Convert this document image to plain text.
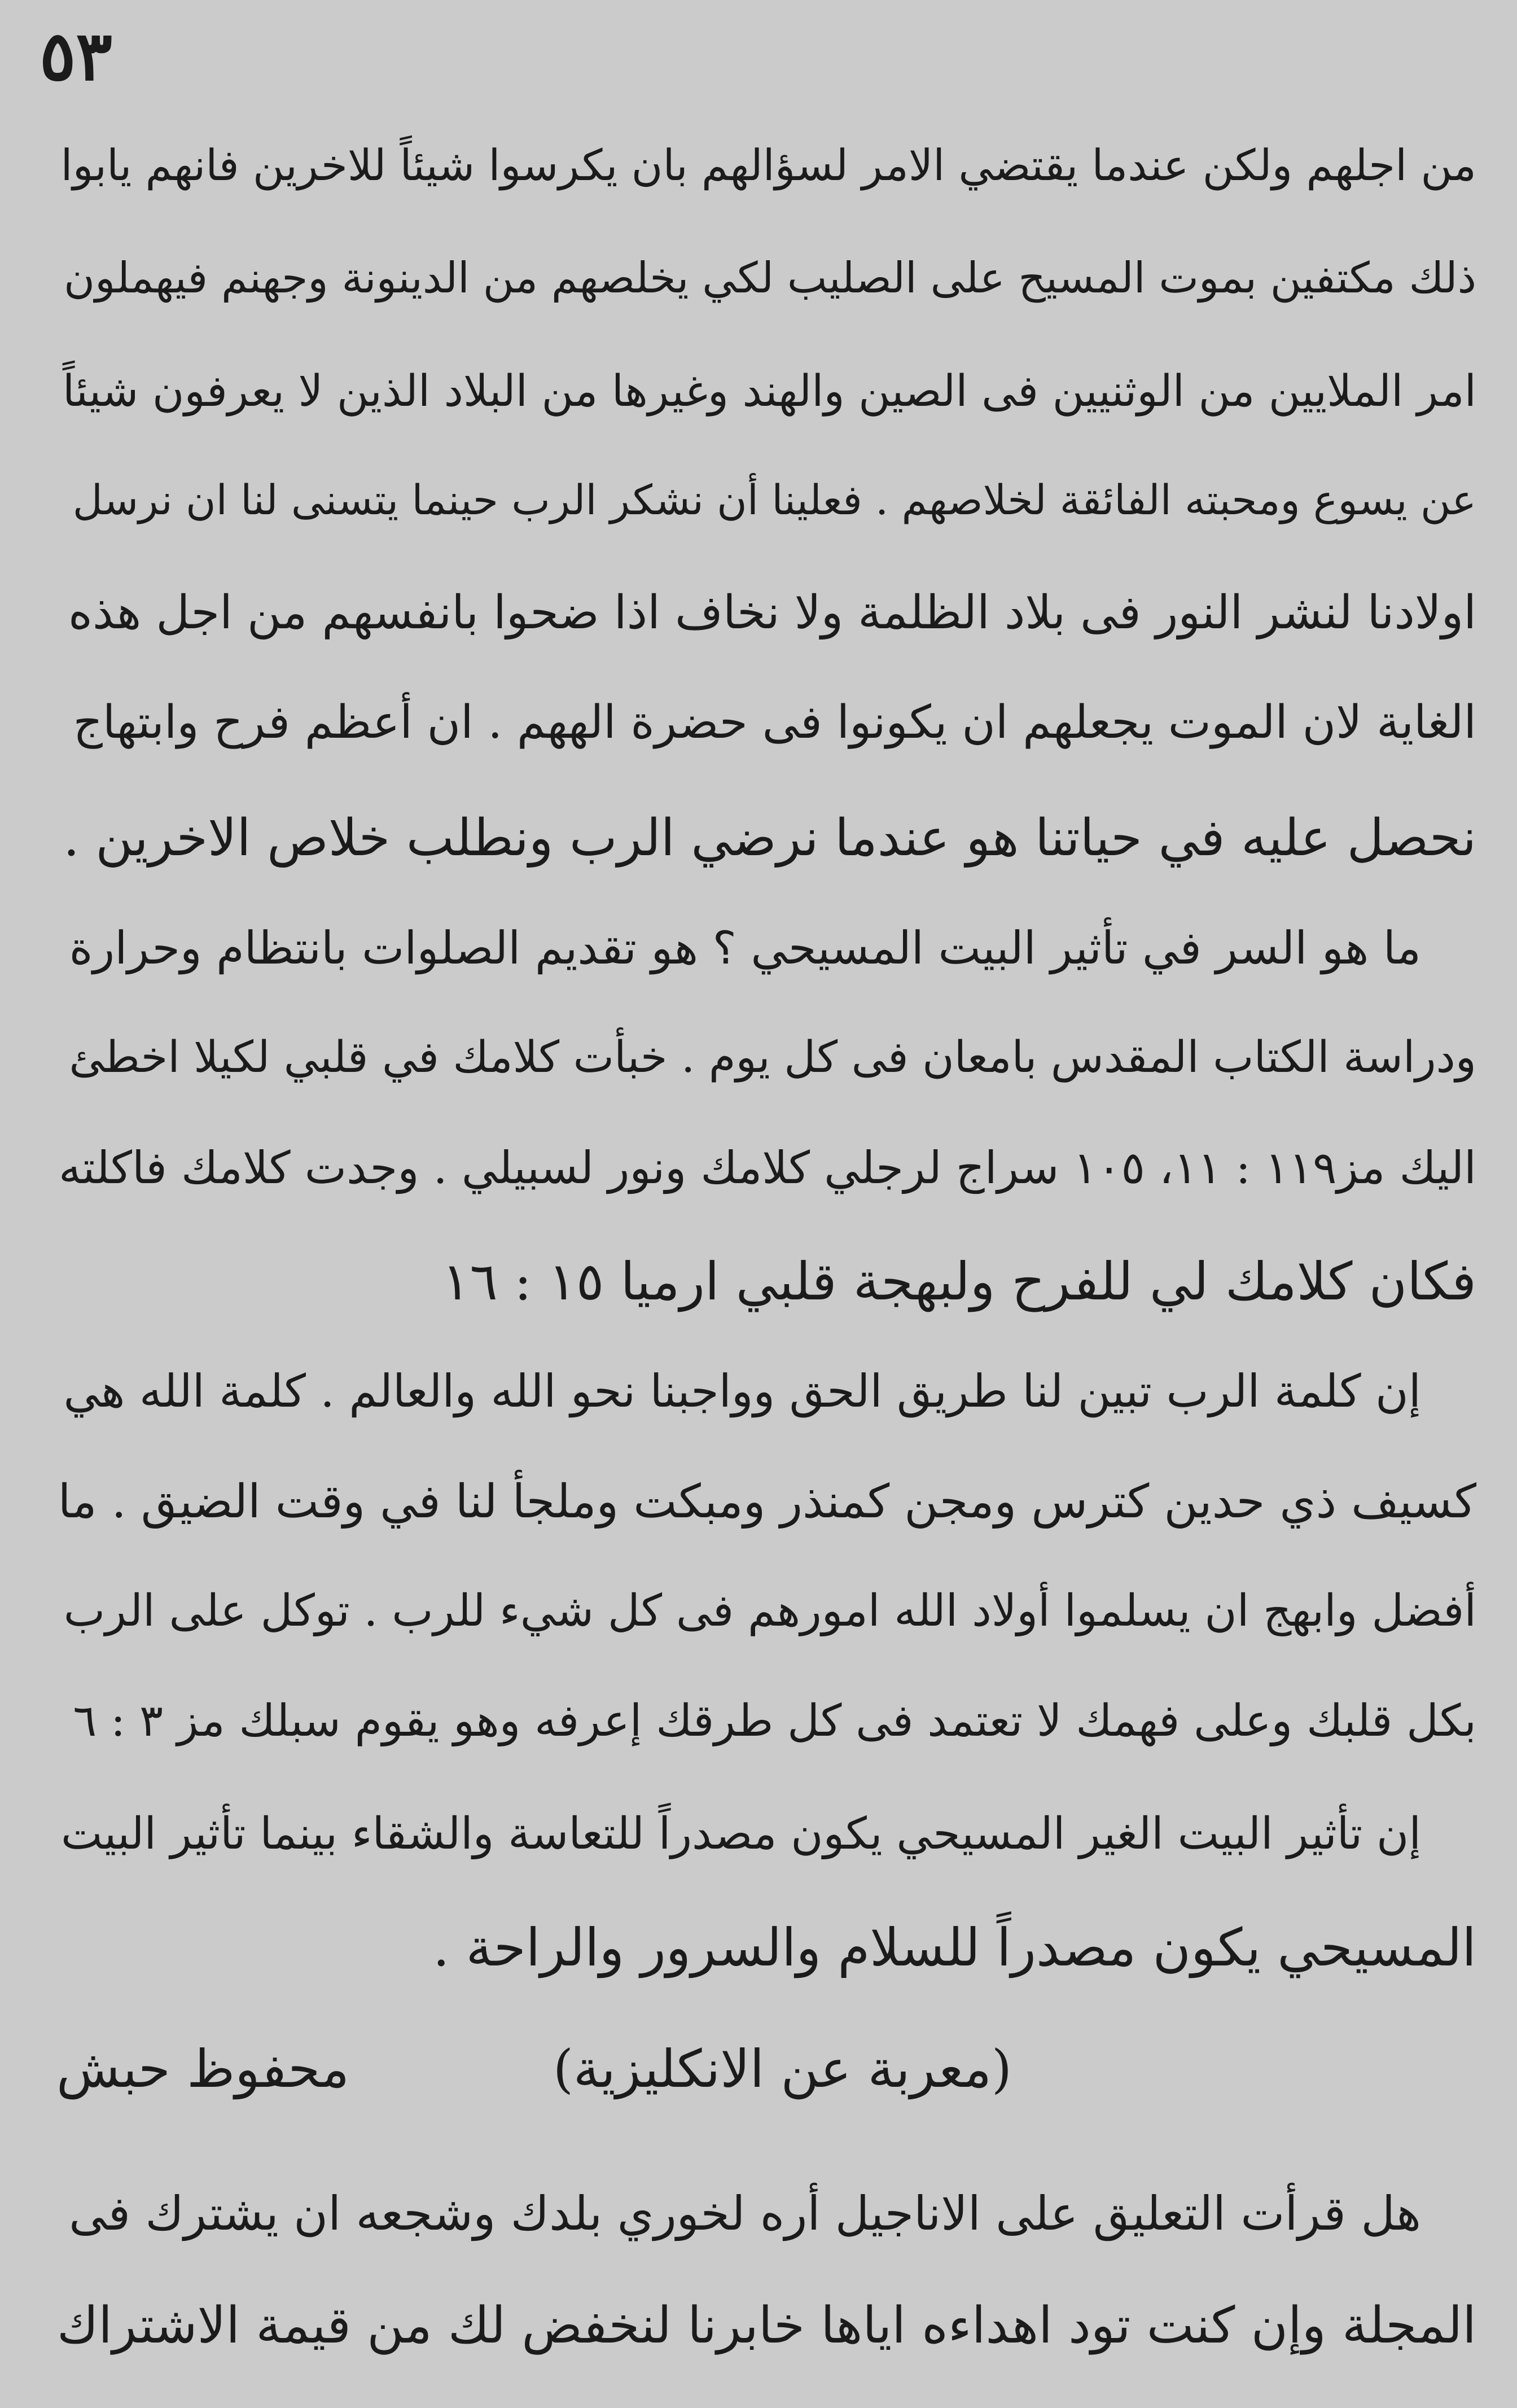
٥٣
من اجلهم ولكن عندما يقتضي الامر لسؤالهم بان يكرسوا شيئاً للاخرين فانهم يابوا
ذلك مكتفين بموت المسيح على الصليب لكي يخلصهم من الدينونة وجهنم فيهملون
امر الملايين من الوثنيين فى الصين والهند وغيرها من البلاد الذين لا يعرفون شيئاً
عن يسوع ومحبته الفائقة لخلاصهم . فعلينا أن نشكر الرب حينما يتسنى لنا ان نرسل
اولادنا لنشر النور فى بلاد الظلمة ولا نخاف اذا ضحوا بانفسهم من اجل هذه
الغاية لان الموت يجعلهم ان يكونوا فى حضرة الههم . ان أعظم فرح وابتهاج
نحصل عليه في حياتنا هو عندما نرضي الرب ونطلب خلاص الاخرين .
ما هو السر في تأثير البيت المسيحي ؟ هو تقديم الصلوات بانتظام وحرارة
ودراسة الكتاب المقدس بامعان فى كل يوم . خبأت كلامك في قلبي لكيلا اخطئ
اليك مز١١٩ : ١١، ١٠٥ سراج لرجلي كلامك ونور لسبيلي . وجدت كلامك فاكلته
فكان كلامك لي للفرح ولبهجة قلبي ارميا ١٥ : ١٦
إن كلمة الرب تبين لنا طريق الحق وواجبنا نحو الله والعالم . كلمة الله هي
كسيف ذي حدين كترس ومجن كمنذر ومبكت وملجأ لنا في وقت الضيق . ما
أفضل وابهج ان يسلموا أولاد الله امورهم فى كل شيء للرب . توكل على الرب
بكل قلبك وعلى فهمك لا تعتمد فى كل طرقك إعرفه وهو يقوم سبلك مز ٣ : ٦
إن تأثير البيت الغير المسيحي يكون مصدراً للتعاسة والشقاء بينما تأثير البيت
المسيحي يكون مصدراً للسلام والسرور والراحة .
(معربة عن الانكليزية)
محفوظ حبش
هل قرأت التعليق على الاناجيل أره لخوري بلدك وشجعه ان يشترك فى
المجلة وإن كنت تود اهداءه اياها خابرنا لنخفض لك من قيمة الاشتراك
